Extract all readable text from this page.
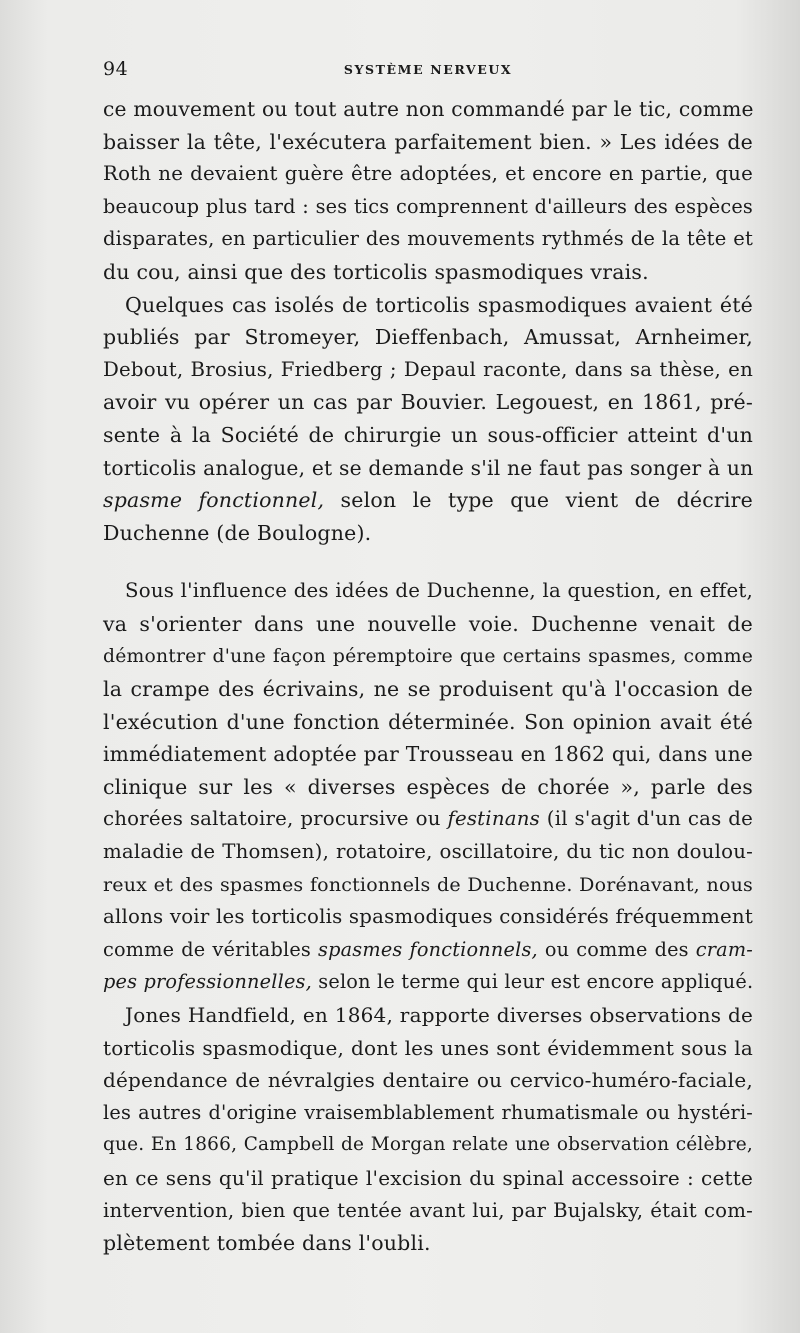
94	SYSTÈME NERVEUX
ce mouvement ou tout autre non commandé par le tic, comme
baisser la tête, l'exécutera parfaitement bien. » Les idées de
Roth ne devaient guère être adoptées, et encore en partie, que
beaucoup plus tard : ses tics comprennent d'ailleurs des espèces
disparates, en particulier des mouvements rythmés de la tête et
du cou, ainsi que des torticolis spasmodiques vrais.
Quelques cas isolés de torticolis spasmodiques avaient été
publiés par Stromeyer, Dieffenbach, Amussat, Arnheimer,
Debout, Brosius, Friedberg ; Depaul raconte, dans sa thèse, en
avoir vu opérer un cas par Bouvier. Legouest, en 1861, pré-
sente à la Société de chirurgie un sous-officier atteint d'un
torticolis analogue, et se demande s'il ne faut pas songer à un
spasme fonctionnel, selon le type que vient de décrire
Duchenne (de Boulogne).
Sous l'influence des idées de Duchenne, la question, en effet,
va s'orienter dans une nouvelle voie. Duchenne venait de
démontrer d'une façon péremptoire que certains spasmes, comme
la crampe des écrivains, ne se produisent qu'à l'occasion de
l'exécution d'une fonction déterminée. Son opinion avait été
immédiatement adoptée par Trousseau en 1862 qui, dans une
clinique sur les « diverses espèces de chorée », parle des
chorées saltatoire, procursive ou festinans (il s'agit d'un cas de
maladie de Thomsen), rotatoire, oscillatoire, du tic non doulou-
reux et des spasmes fonctionnels de Duchenne. Dorénavant, nous
allons voir les torticolis spasmodiques considérés fréquemment
comme de véritables spasmes fonctionnels, ou comme des cram-
pes professionnelles, selon le terme qui leur est encore appliqué.
Jones Handfield, en 1864, rapporte diverses observations de
torticolis spasmodique, dont les unes sont évidemment sous la
dépendance de névralgies dentaire ou cervico-huméro-faciale,
les autres d'origine vraisemblablement rhumatismale ou hystéri-
que. En 1866, Campbell de Morgan relate une observation célèbre,
en ce sens qu'il pratique l'excision du spinal accessoire : cette
intervention, bien que tentée avant lui, par Bujalsky, était com-
plètement tombée dans l'oubli.
